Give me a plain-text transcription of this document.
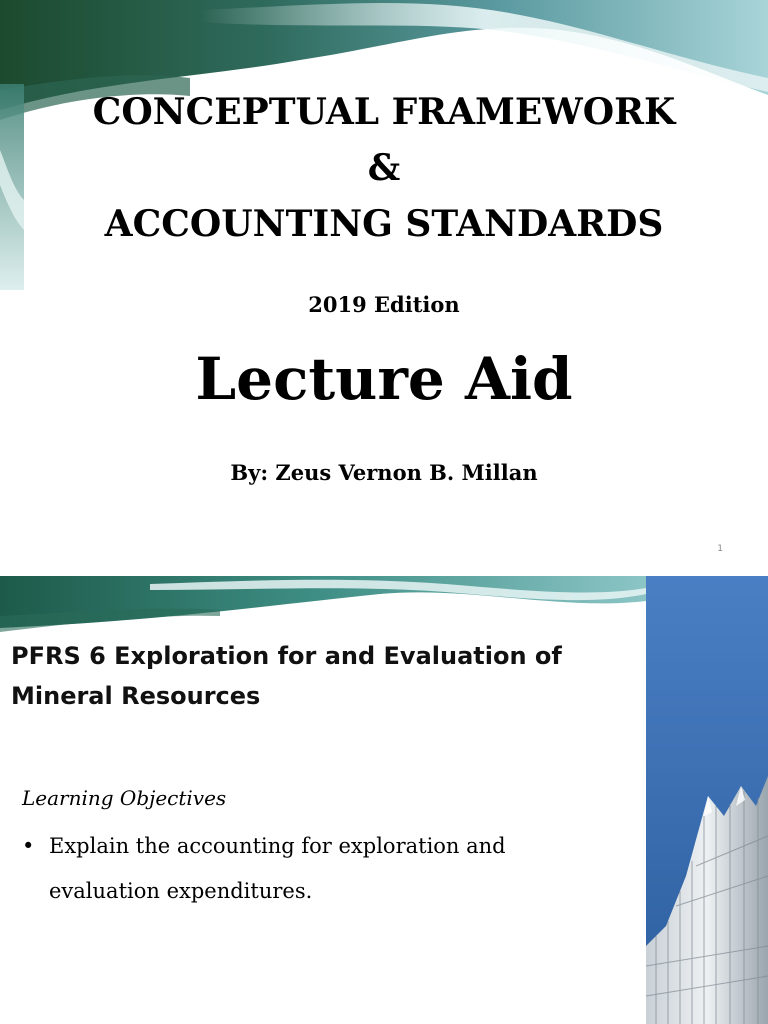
CONCEPTUAL FRAMEWORK
&
ACCOUNTING STANDARDS
2019 Edition
Lecture Aid
By: Zeus Vernon B. Millan
1
PFRS 6 Exploration for and Evaluation of Mineral Resources
Learning Objectives
• Explain the accounting for exploration and evaluation expenditures.
